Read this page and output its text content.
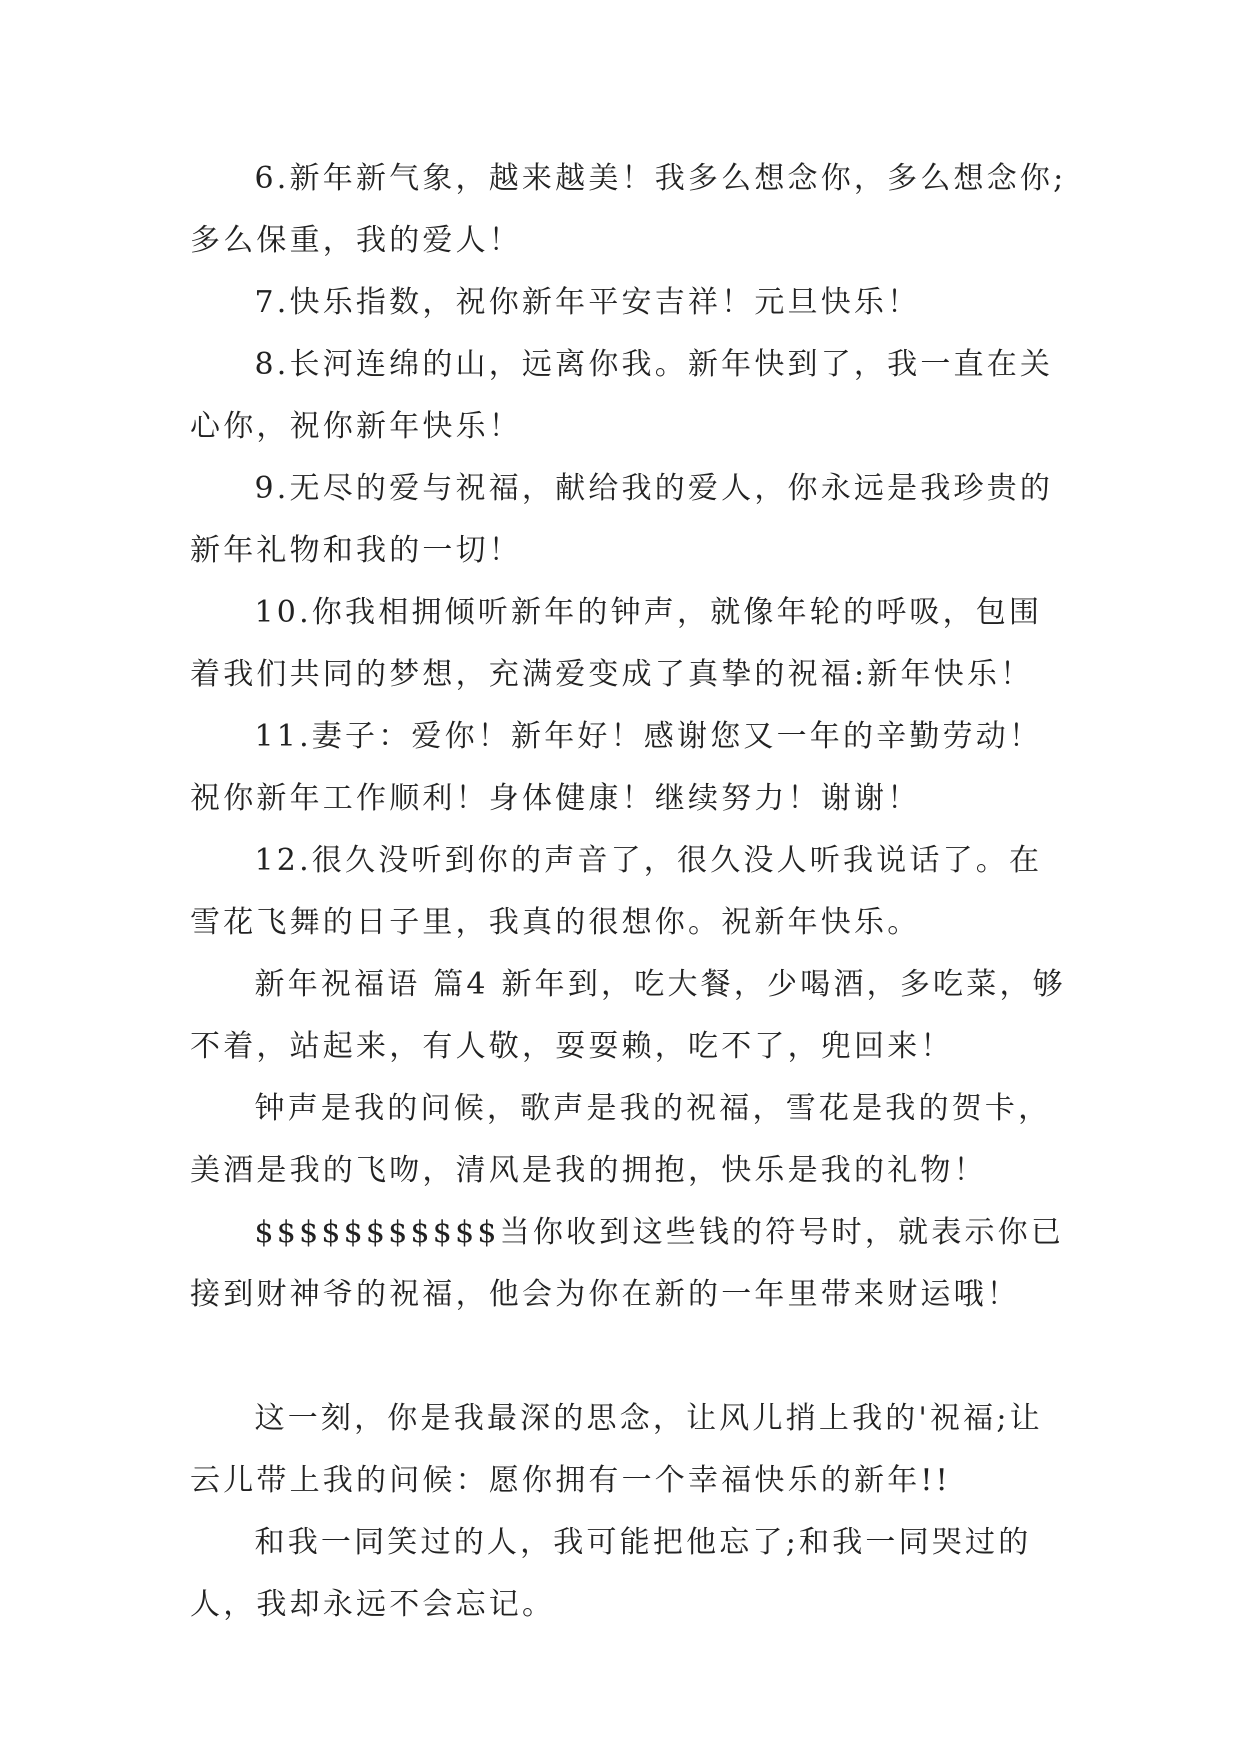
6.新年新气象，越来越美！我多么想念你，多么想念你;多么保重，我的爱人！

7.快乐指数，祝你新年平安吉祥！元旦快乐！

8.长河连绵的山，远离你我。新年快到了，我一直在关心你，祝你新年快乐！

9.无尽的爱与祝福，献给我的爱人，你永远是我珍贵的新年礼物和我的一切！

10.你我相拥倾听新年的钟声，就像年轮的呼吸，包围着我们共同的梦想，充满爱变成了真挚的祝福:新年快乐！

11.妻子：爱你！新年好！感谢您又一年的辛勤劳动！祝你新年工作顺利！身体健康！继续努力！谢谢！

12.很久没听到你的声音了，很久没人听我说话了。在雪花飞舞的日子里，我真的很想你。祝新年快乐。

新年祝福语 篇4 新年到，吃大餐，少喝酒，多吃菜，够不着，站起来，有人敬，耍耍赖，吃不了，兜回来！

钟声是我的问候，歌声是我的祝福，雪花是我的贺卡，美酒是我的飞吻，清风是我的拥抱，快乐是我的礼物！

$$$$$$$$$$$当你收到这些钱的符号时，就表示你已接到财神爷的祝福，他会为你在新的一年里带来财运哦！

这一刻，你是我最深的思念，让风儿捎上我的'祝福;让云儿带上我的问候：愿你拥有一个幸福快乐的新年!!

和我一同笑过的人，我可能把他忘了;和我一同哭过的人，我却永远不会忘记。
